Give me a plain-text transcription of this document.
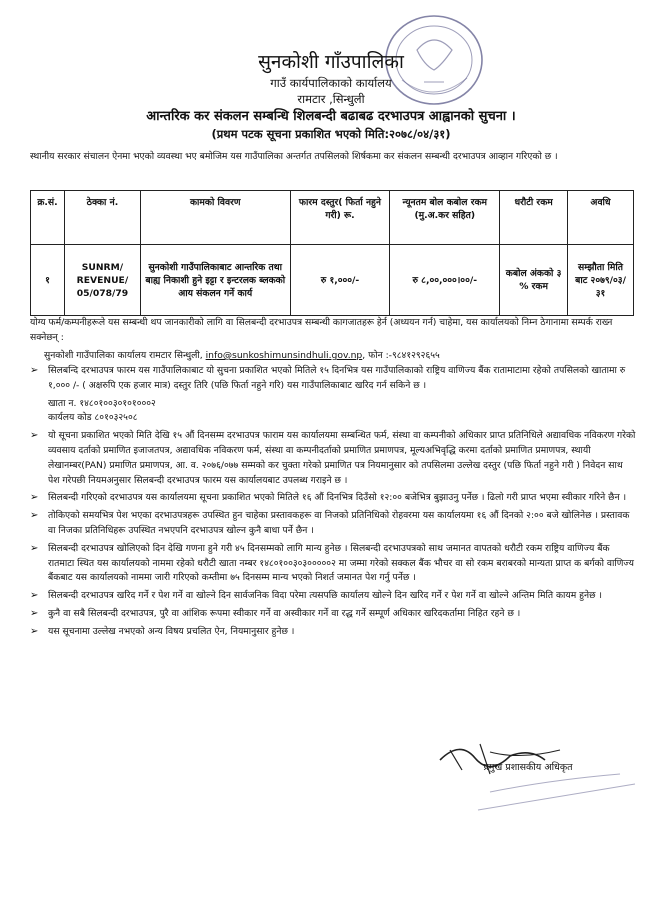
सुनकोशी गाँउपालिका

गाउँ कार्यपालिकाको कार्यालय

रामटार ,सिन्धुली

आन्तरिक कर संकलन सम्बन्धि शिलबन्दी बढाबढ दरभाउपत्र आह्वानको सुचना ।

(प्रथम पटक सूचना प्रकाशित भएको मिति:२०७८/०४/३१)

स्थानीय सरकार संचालन ऐनमा भएको व्यवस्था भए बमोजिम यस गाउँपालिका अन्तर्गत तपसिलको शिर्षकमा कर संकलन सम्बन्धी दरभाउपत्र आव्हान गरिएको छ ।
क्र.सं.	ठेक्का नं.	कामको विवरण	फारम दस्तुर( फिर्ता नहुने गरी) रू.	न्यूनतम बोल कबोल रकम (मु.अ.कर सहित)	धरौटी रकम	अवधि
१	SUNRM/ REVENUE/ 05/078/79	सुनकोशी गाउँपालिकाबाट आन्तरिक तथा बाह्य निकाशी हुने इट्टा र इन्टरलक ब्लकको आय संकलन गर्ने कार्य	रु १,०००/-	रु ८,००,०००।००/-	कबोल अंकको ३ % रकम	सम्झौता मिति बाट २०७९/०३/ ३१
योग्य फर्म/कम्पनीहरूले यस सम्बन्धी थप जानकारीको लागि वा सिलबन्दी दरभाउपत्र सम्बन्धी कागजातहरू हेर्न (अध्ययन गर्न) चाहेमा, यस कार्यालयको निम्न ठेगानामा सम्पर्क राख्न सक्नेछन् :
सुनकोशी गाउँपालिका कार्यालय रामटार सिन्धुली, info@sunkoshimunsindhuli.gov.np, फोन :-९८४१२९२६५५
➢ सिलबन्दि दरभाउपत्र फारम यस गाउँपालिकाबाट यो सुचना प्रकाशित भएको मितिले १५ दिनभित्र यस गाउँपालिकाको राष्ट्रिय वाणिज्य बैंक रातामाटामा रहेको तपसिलको खातामा रु १,००० /- ( अक्षरुपि एक हजार मात्र) दस्तुर तिरि (पछि फिर्ता नहुने गरि) यस गाउँपालिकाबाट खरिद गर्न सकिने छ ।
खाता न. १४८०१००३०१०१०००२
कार्यलय कोड ८०१०३२५०८
➢ यो सूचना प्रकाशित भएको मिति देखि १५ औं दिनसम्म दरभाउपत्र फाराम यस कार्यालयमा सम्बन्धित फर्म, संस्था वा कम्पनीको अधिकार प्राप्त प्रतिनिधिले अद्यावधिक नविकरण गरेको व्यवसाय दर्ताको प्रमाणित इजाजतपत्र, अद्यावधिक नविकरण फर्म, संस्था वा कम्पनीदर्ताको प्रमाणित प्रमाणपत्र, मूल्यअभिवृद्धि करमा दर्ताको प्रमाणित प्रमाणपत्र, स्थायी लेखानम्बर(PAN) प्रमाणित प्रमाणपत्र, आ. व. २०७६/०७७ सम्मको कर चुक्ता गरेको प्रमाणित पत्र नियमानुसार को तपसिलमा उल्लेख दस्तुर (पछि फिर्ता नहुने गरी ) निवेदन साथ पेश गरेपछी नियमअनुसार सिलबन्दी दरभाउपत्र फारम यस कार्यालयबाट उपलब्ध गराइने छ ।
➢ सिलबन्दी गरिएको दरभाउपत्र यस कार्यालयमा सूचना प्रकाशित भएको मितिले १६ औं दिनभित्र दिउँसो १२:०० बजेभित्र बुझाउनु पर्नेछ । ढिलो गरी प्राप्त भएमा स्वीकार गरिने छैन ।
➢ तोकिएको समयभित्र पेश भएका दरभाउपत्रहरू उपस्थित हुन चाहेका प्रस्तावकहरू वा निजको प्रतिनिधिको रोहवरमा यस कार्यालयमा १६ औं दिनको २:०० बजे खोलिनेछ । प्रस्तावक वा निजका प्रतिनिधिहरू उपस्थित नभएपनि दरभाउपत्र खोल्न कुनै बाधा पर्ने छैन ।
➢ सिलबन्दी दरभाउपत्र खोलिएको दिन देखि गणना हुने गरी ४५ दिनसम्मको लागि मान्य हुनेछ । सिलबन्दी दरभाउपत्रको साथ जमानत वापतको धरौटी रकम राष्ट्रिय वाणिज्य बैंक रातमाटा स्थित यस कार्यालयको नाममा रहेको धरौटी खाता नम्बर १४८०१००३०३०००००२ मा जम्मा गरेको सक्कल बैंक भौचर वा सो रकम बराबरको मान्यता प्राप्त क बर्गको वाणिज्य बैंकबाट यस कार्यालयको नाममा जारी गरिएको कम्तीमा ७५ दिनसम्म मान्य भएको निशर्त जमानत पेश गर्नु पर्नेछ ।
➢ सिलबन्दी दरभाउपत्र खरिद गर्ने र पेश गर्ने वा खोल्ने दिन सार्वजनिक विदा परेमा त्यसपछि कार्यालय खोल्ने दिन खरिद गर्ने र पेश गर्ने वा खोल्ने अन्तिम मिति कायम हुनेछ ।
➢ कुनै वा सबै सिलबन्दी दरभाउपत्र, पुरै वा आंशिक रूपमा स्वीकार गर्ने वा अस्वीकार गर्ने वा रद्ध गर्ने सम्पूर्ण अधिकार खरिदकर्तामा निहित रहने छ ।
➢ यस सूचनामा उल्लेख नभएको अन्य विषय प्रचलित ऐन, नियमानुसार हुनेछ ।
प्रमुख प्रशासकीय अधिकृत
